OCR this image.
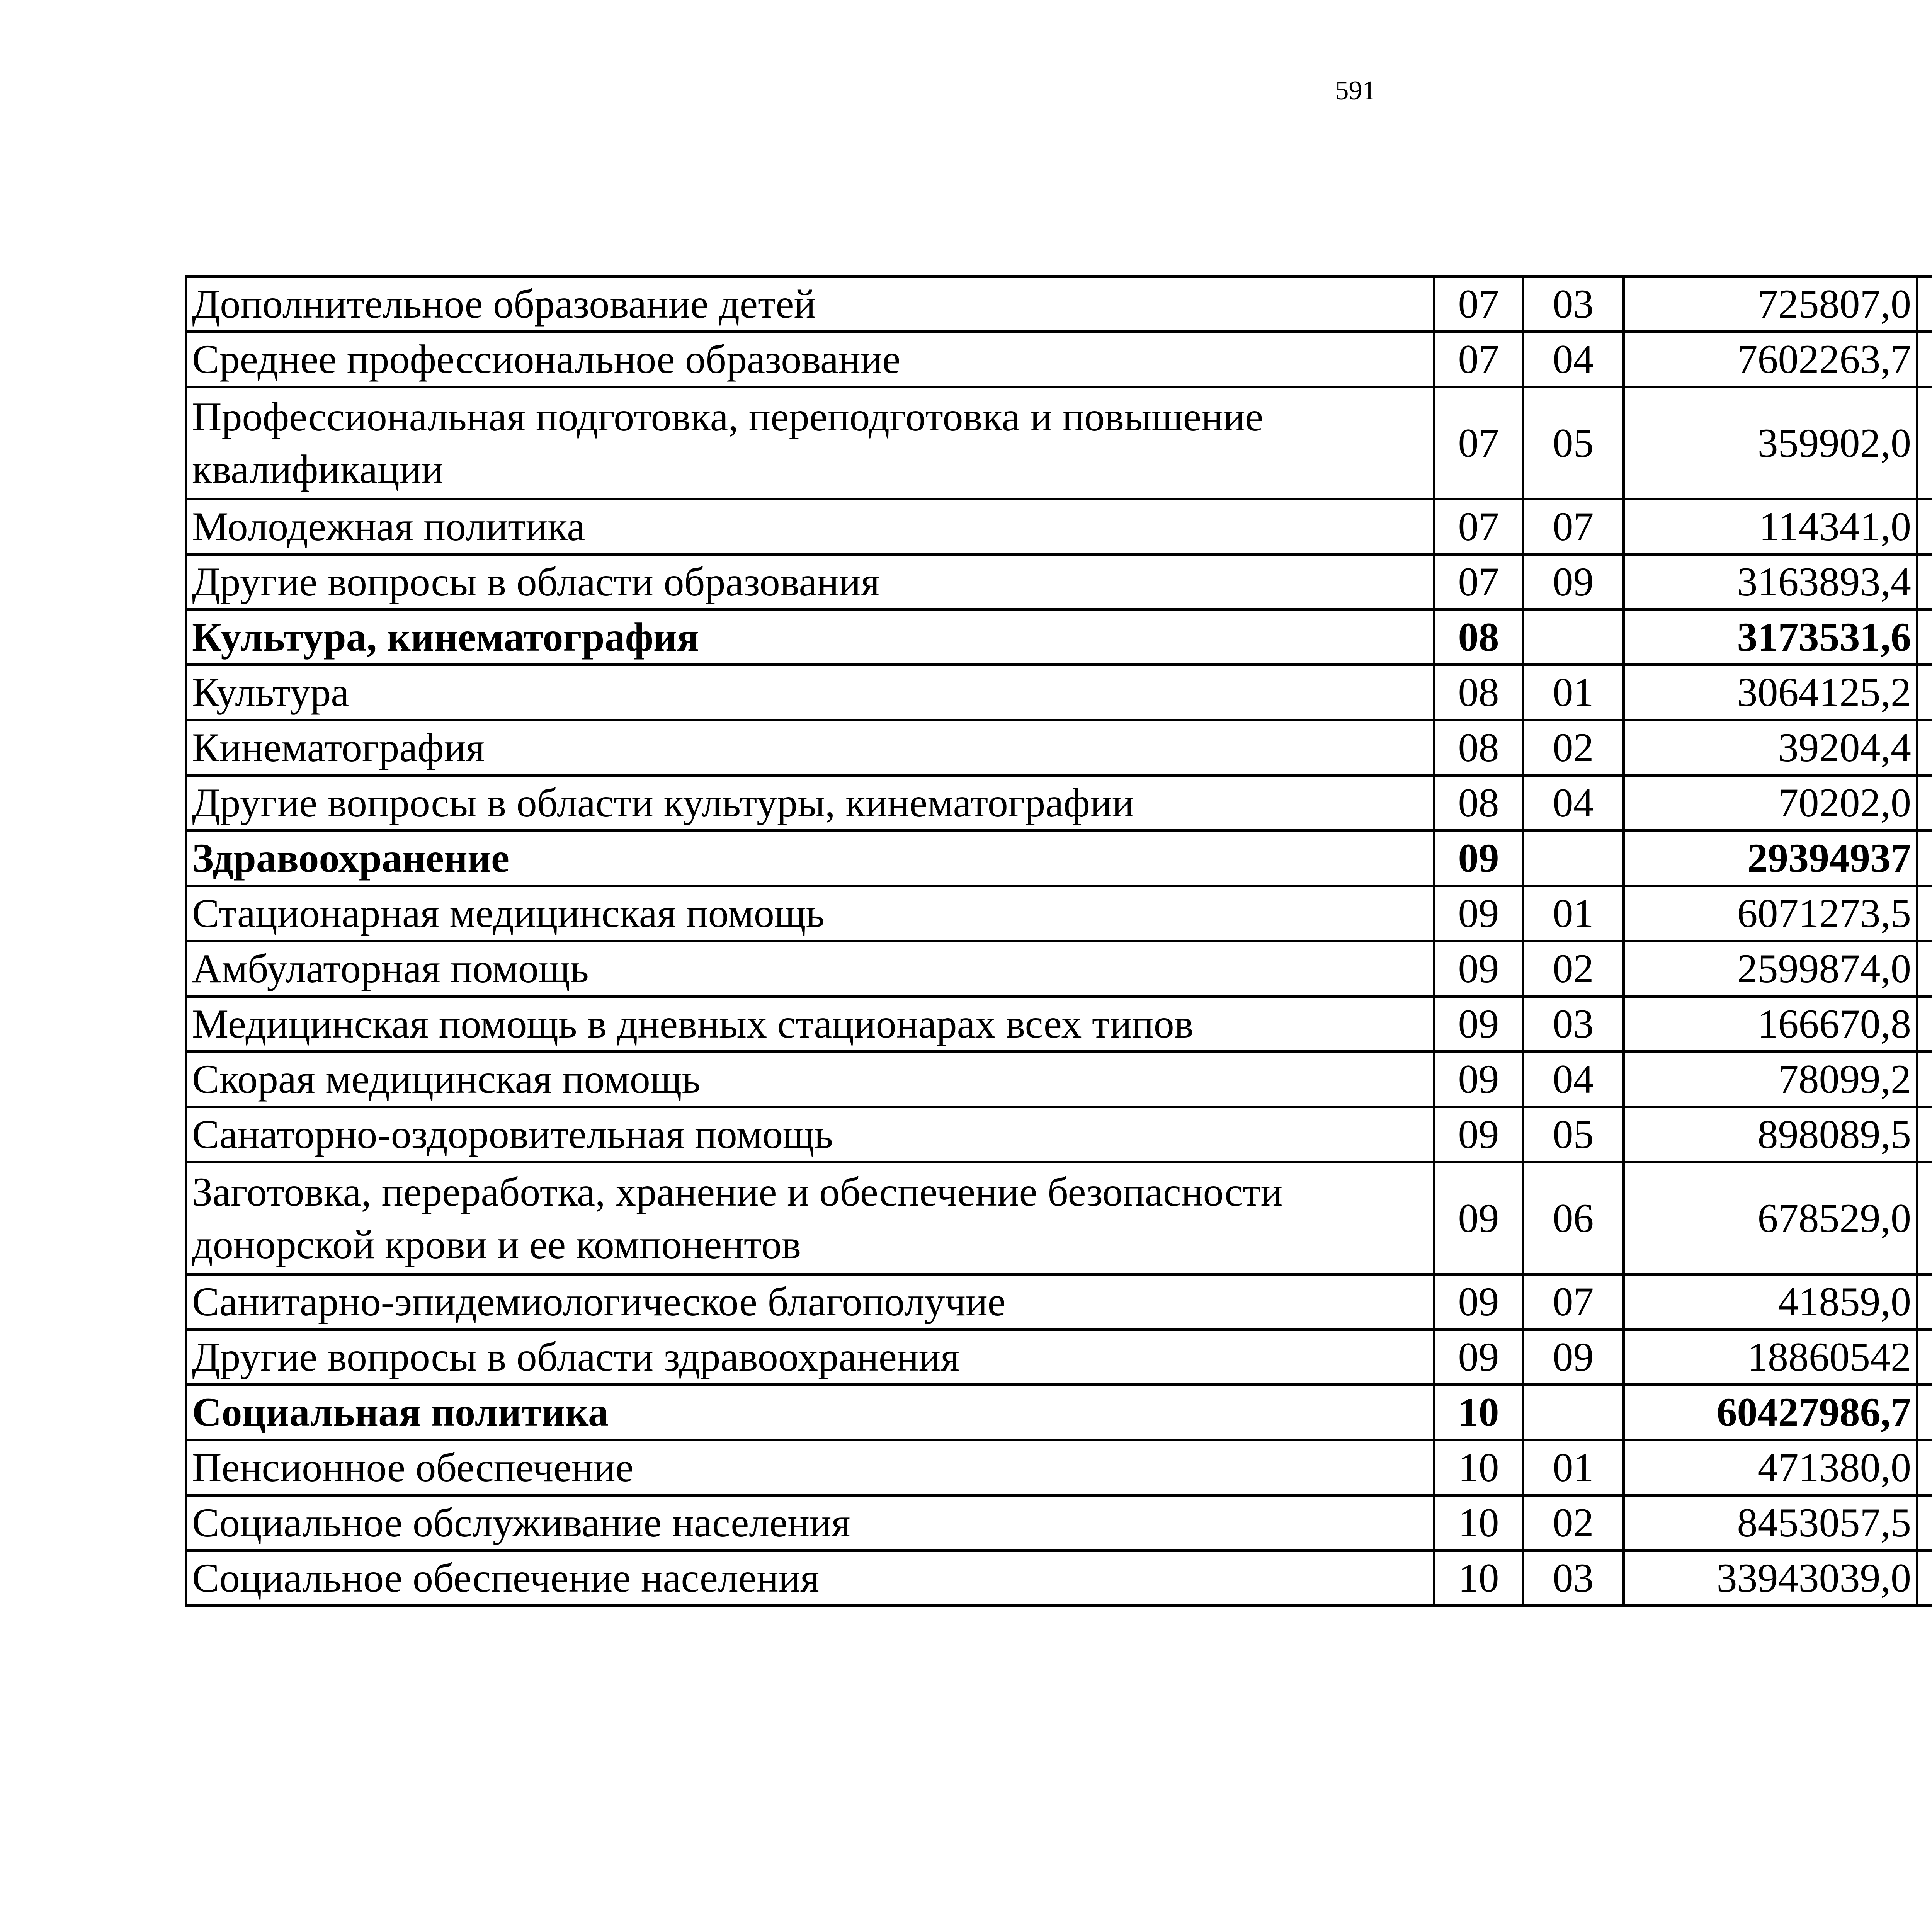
591
Дополнительное образование детей	07	03	725807,0		
Среднее профессиональное образование	07	04	7602263,7		
Профессиональная подготовка, переподготовка и повышение квалификации	07	05	359902,0		
Молодежная политика	07	07	114341,0		
Другие вопросы в области образования	07	09	3163893,4		
Культура, кинематография	08		3173531,6		
Культура	08	01	3064125,2		
Кинематография	08	02	39204,4		
Другие вопросы в области культуры, кинематографии	08	04	70202,0		
Здравоохранение	09		29394937		
Стационарная медицинская помощь	09	01	6071273,5		
Амбулаторная помощь	09	02	2599874,0		
Медицинская помощь в дневных стационарах всех типов	09	03	166670,8		
Скорая медицинская помощь	09	04	78099,2		
Санаторно-оздоровительная помощь	09	05	898089,5		
Заготовка, переработка, хранение и обеспечение безопасности донорской крови и ее компонентов	09	06	678529,0		
Санитарно-эпидемиологическое благополучие	09	07	41859,0		
Другие вопросы в области здравоохранения	09	09	18860542		
Социальная политика	10		60427986,7		
Пенсионное обеспечение	10	01	471380,0		
Социальное обслуживание населения	10	02	8453057,5		
Социальное обеспечение населения	10	03	33943039,0		
